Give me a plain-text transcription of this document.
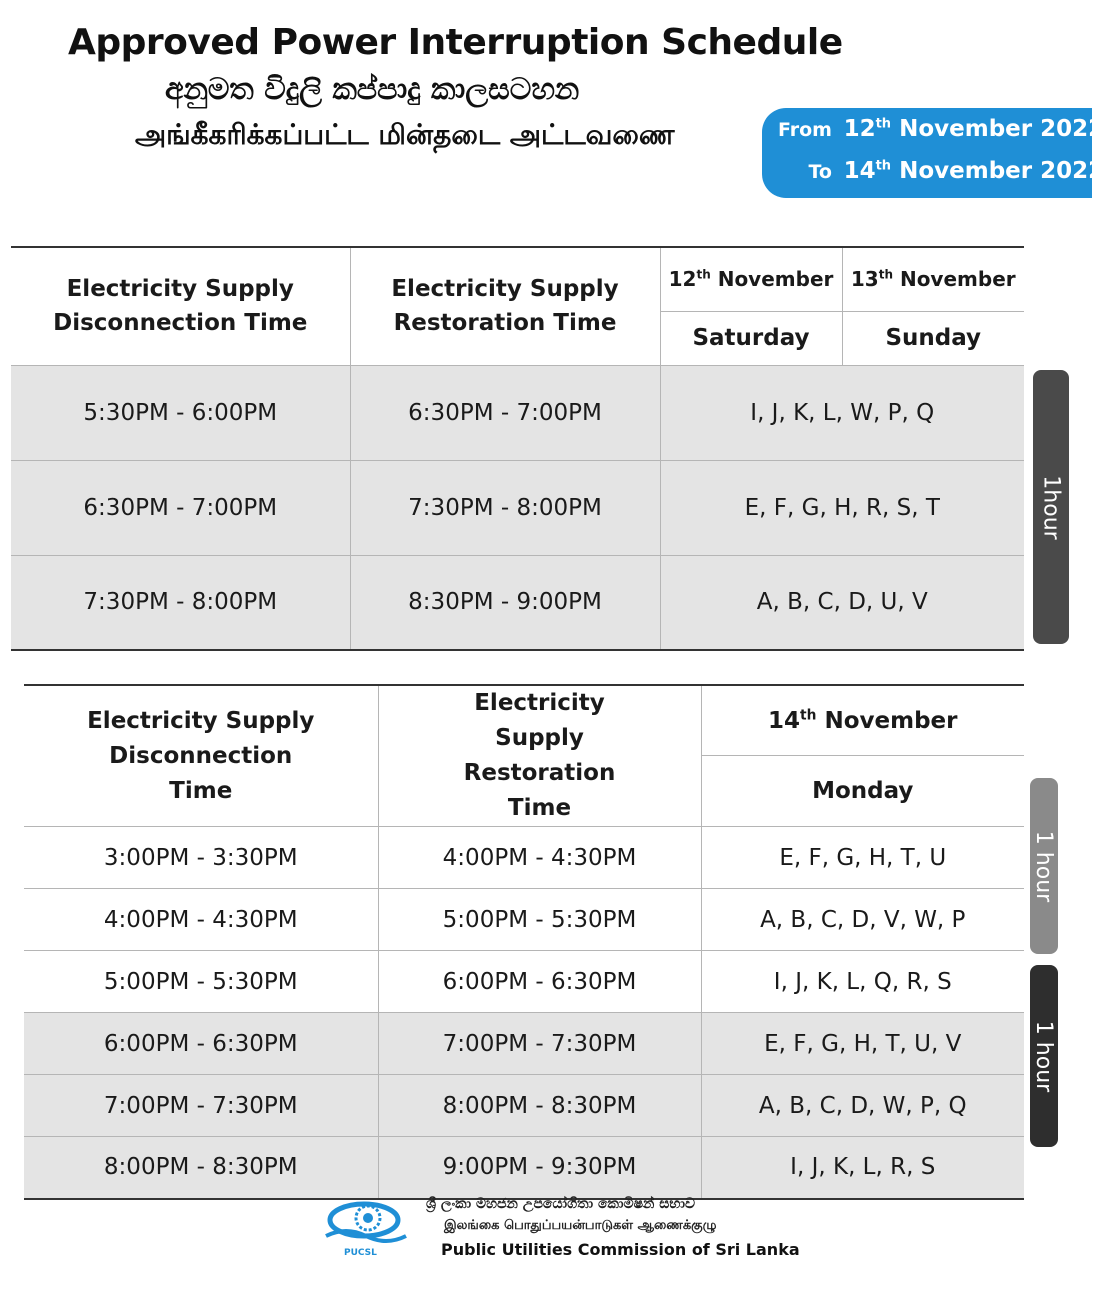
Approved Power Interruption Schedule
අනුමත විදුලි කප්පාදු කාලසටහන
அங்கீகரிக்கப்பட்ட மின்தடை அட்டவணை	From 12th November 2022
To 14th November 2022
Electricity Supply Disconnection Time	Electricity Supply Restoration Time	12th November	13th November
		Saturday	Sunday
5:30PM - 6:00PM	6:30PM - 7:00PM	I, J, K, L, W, P, Q	
6:30PM - 7:00PM	7:30PM - 8:00PM	E, F, G, H, R, S, T	
7:30PM - 8:00PM	8:30PM - 9:00PM	A, B, C, D, U, V	
1hour
Electricity Supply Disconnection Time	Electricity Supply Restoration Time	14th November
		Monday
3:00PM - 3:30PM	4:00PM - 4:30PM	E, F, G, H, T, U
4:00PM - 4:30PM	5:00PM - 5:30PM	A, B, C, D, V, W, P
5:00PM - 5:30PM	6:00PM - 6:30PM	I, J, K, L, Q, R, S
6:00PM - 6:30PM	7:00PM - 7:30PM	E, F, G, H, T, U, V
7:00PM - 7:30PM	8:00PM - 8:30PM	A, B, C, D, W, P, Q
8:00PM - 8:30PM	9:00PM - 9:30PM	I, J, K, L, R, S
1 hour
1 hour
PUCSL
ශ්‍රී ලංකා මහජන උපයෝගිතා කොමිෂන් සභාව
இலங்கை பொதுப்பயன்பாடுகள் ஆணைக்குழு
Public Utilities Commission of Sri Lanka
